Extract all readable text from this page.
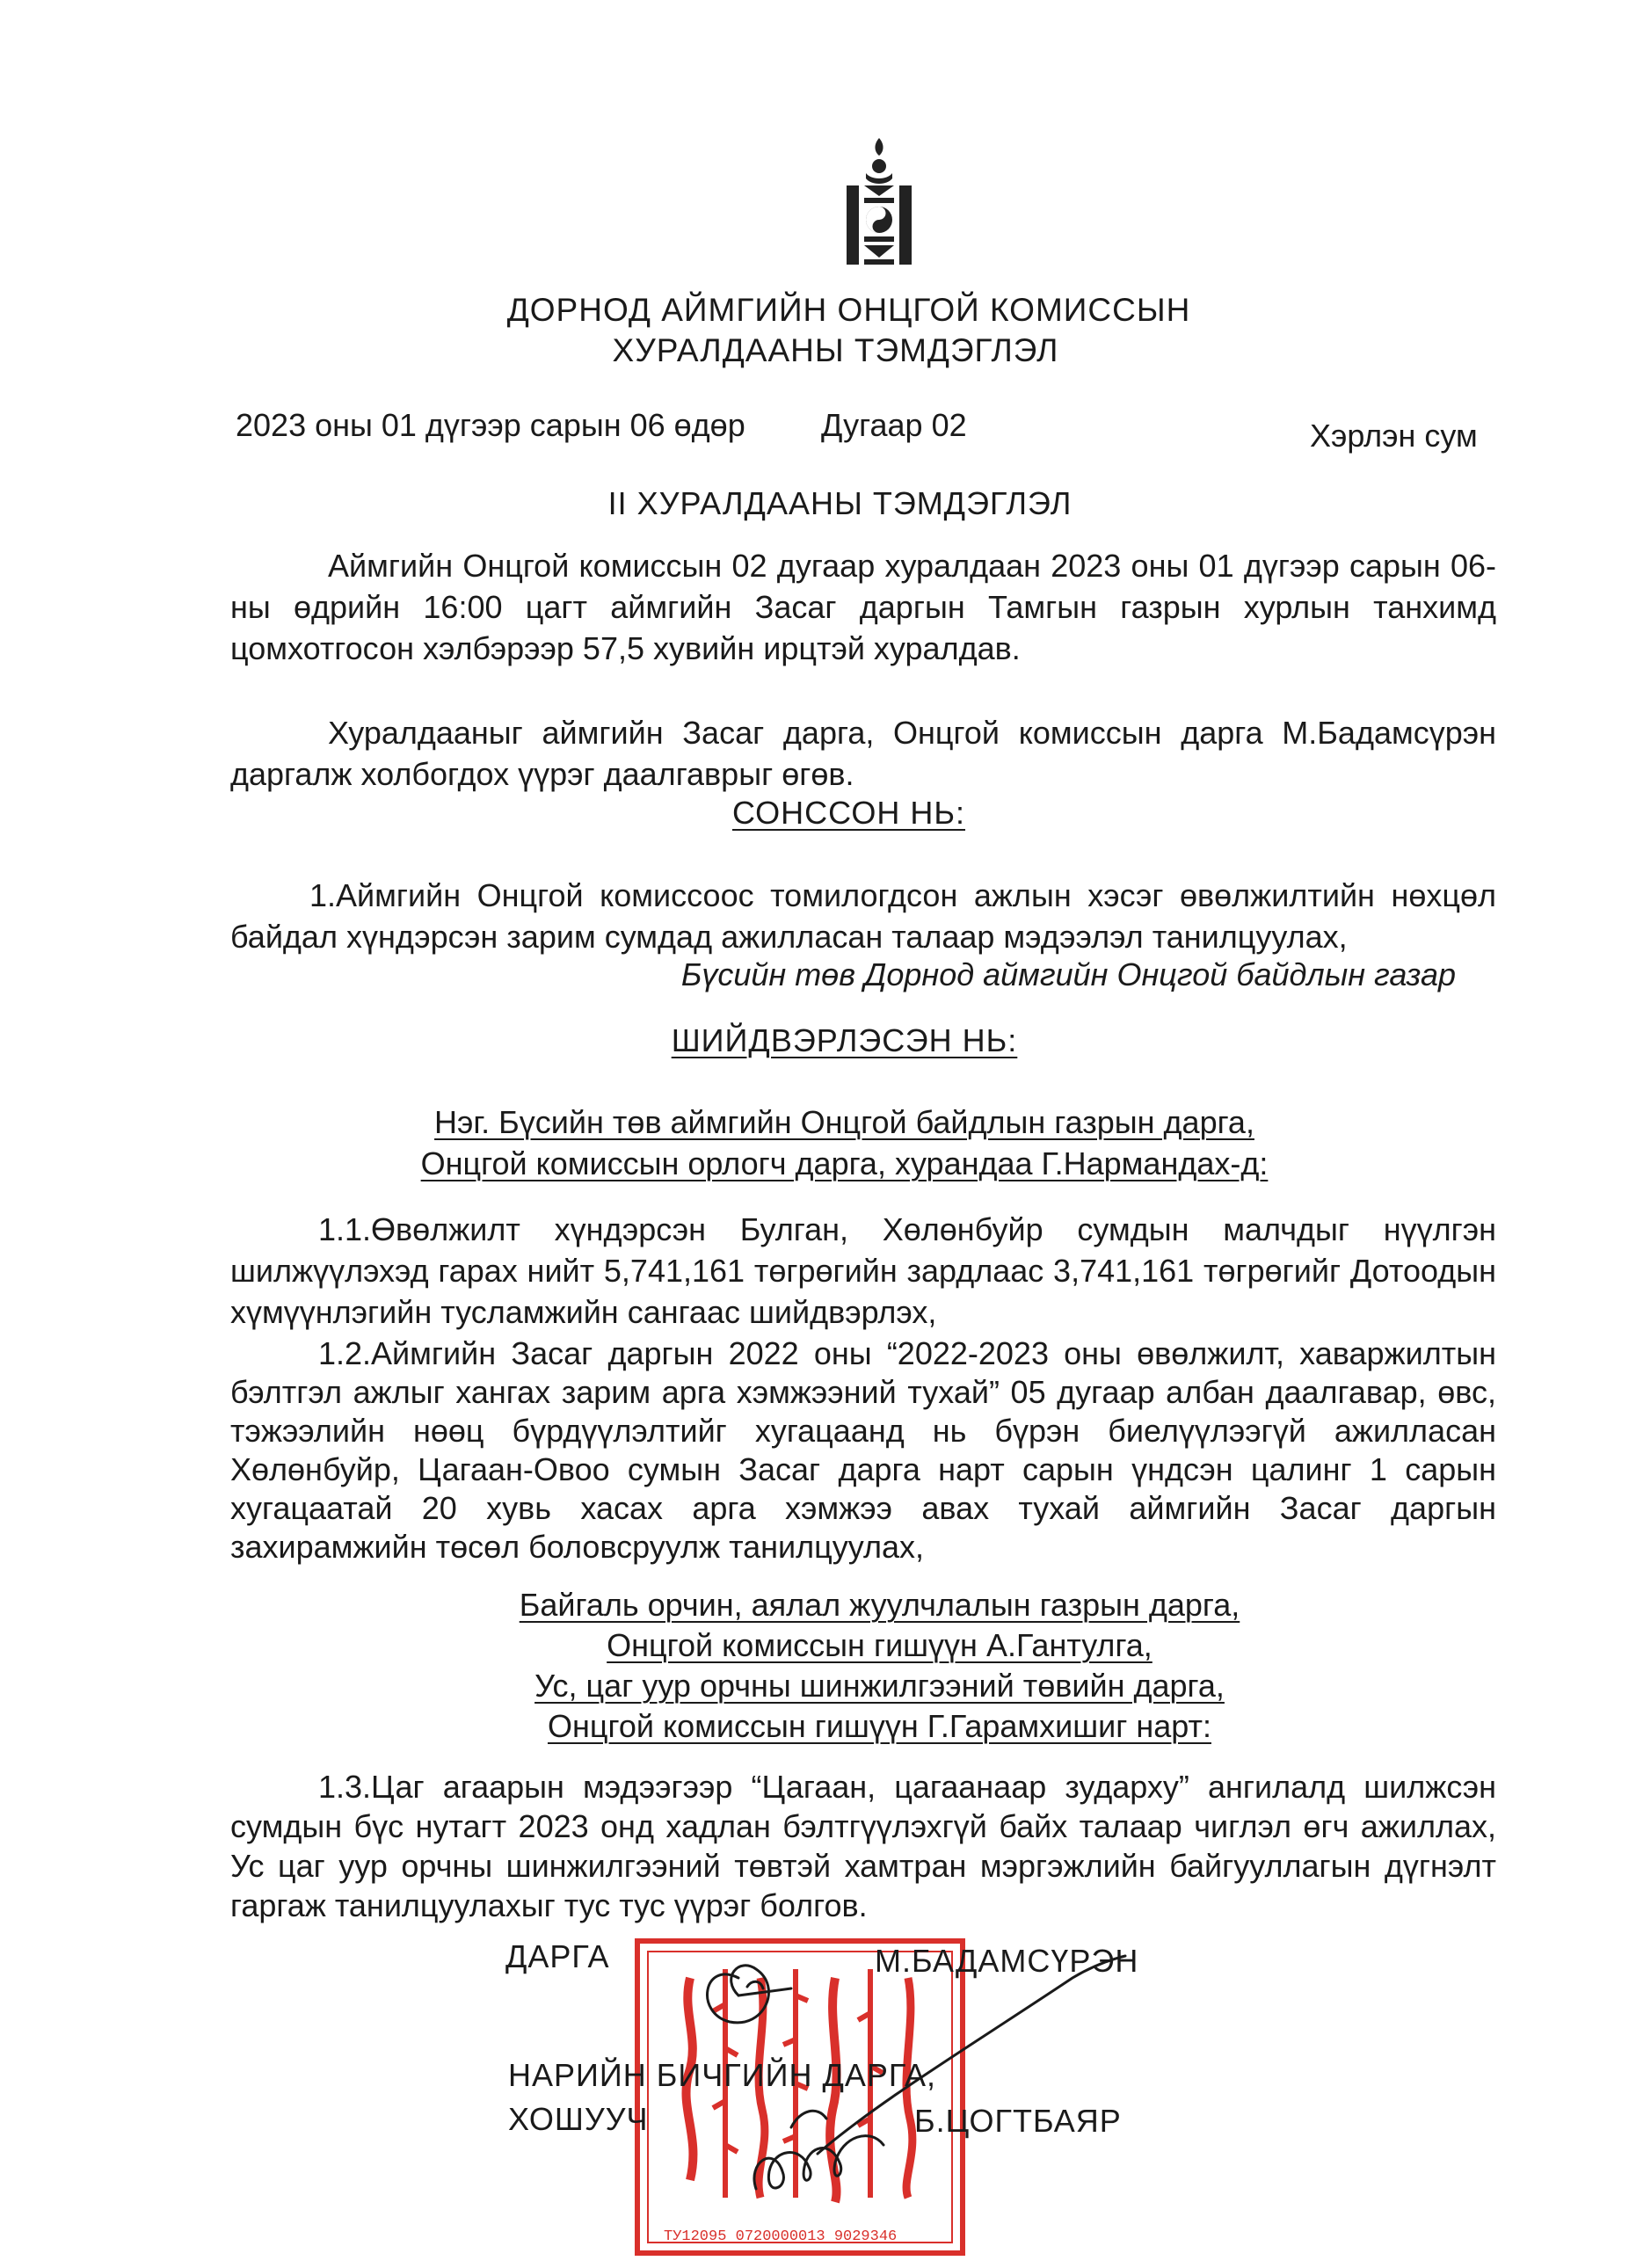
ДОРНОД АЙМГИЙН ОНЦГОЙ КОМИССЫН
ХУРАЛДААНЫ ТЭМДЭГЛЭЛ
2023 оны 01 дүгээр сарын 06 өдөр Дугаар 02	Хэрлэн сум
II ХУРАЛДААНЫ ТЭМДЭГЛЭЛ
Аймгийн Онцгой комиссын 02 дугаар хуралдаан 2023 оны 01 дүгээр сарын 06-ны өдрийн 16:00 цагт аймгийн Засаг даргын Тамгын газрын хурлын танхимд цомхотгосон хэлбэрээр 57,5 хувийн ирцтэй хуралдав.
Хуралдааныг аймгийн Засаг дарга, Онцгой комиссын дарга М.Бадамсүрэн даргалж холбогдох үүрэг даалгаврыг өгөв.
СОНССОН НЬ:
1.Аймгийн Онцгой комиссоос томилогдсон ажлын хэсэг өвөлжилтийн нөхцөл байдал хүндэрсэн зарим сумдад ажилласан талаар мэдээлэл танилцуулах,
Бүсийн төв Дорнод аймгийн Онцгой байдлын газар
ШИЙДВЭРЛЭСЭН НЬ:
Нэг. Бүсийн төв аймгийн Онцгой байдлын газрын дарга,
Онцгой комиссын орлогч дарга, хурандаа Г.Нармандах-д:
1.1.Өвөлжилт хүндэрсэн Булган, Хөлөнбуйр сумдын малчдыг нүүлгэн шилжүүлэхэд гарах нийт 5,741,161 төгрөгийн зардлаас 3,741,161 төгрөгийг Дотоодын хүмүүнлэгийн тусламжийн сангаас шийдвэрлэх,
1.2.Аймгийн Засаг даргын 2022 оны “2022-2023 оны өвөлжилт, хаваржилтын бэлтгэл ажлыг хангах зарим арга хэмжээний тухай” 05 дугаар албан даалгавар, өвс, тэжээлийн нөөц бүрдүүлэлтийг хугацаанд нь бүрэн биелүүлээгүй ажилласан Хөлөнбуйр, Цагаан-Овоо сумын Засаг дарга нарт сарын үндсэн цалинг 1 сарын хугацаатай 20 хувь хасах арга хэмжээ авах тухай аймгийн Засаг даргын захирамжийн төсөл боловсруулж танилцуулах,
Байгаль орчин, аялал жуулчлалын газрын дарга,
Онцгой комиссын гишүүн А.Гантулга,
Ус, цаг уур орчны шинжилгээний төвийн дарга,
Онцгой комиссын гишүүн Г.Гарамхишиг нарт:
1.3.Цаг агаарын мэдээгээр “Цагаан, цагаанаар зударху” ангилалд шилжсэн сумдын бүс нутагт 2023 онд хадлан бэлтгүүлэхгүй байх талаар чиглэл өгч ажиллах, Ус цаг уур орчны шинжилгээний төвтэй хамтран мэргэжлийн байгууллагын дүгнэлт гаргаж танилцуулахыг тус тус үүрэг болгов.
ТУ12095 0720000013 9029346
ДАРГА	М.БАДАМСҮРЭН
НАРИЙН БИЧГИЙН ДАРГА,
ХОШУУЧ	Б.ЦОГТБАЯР
